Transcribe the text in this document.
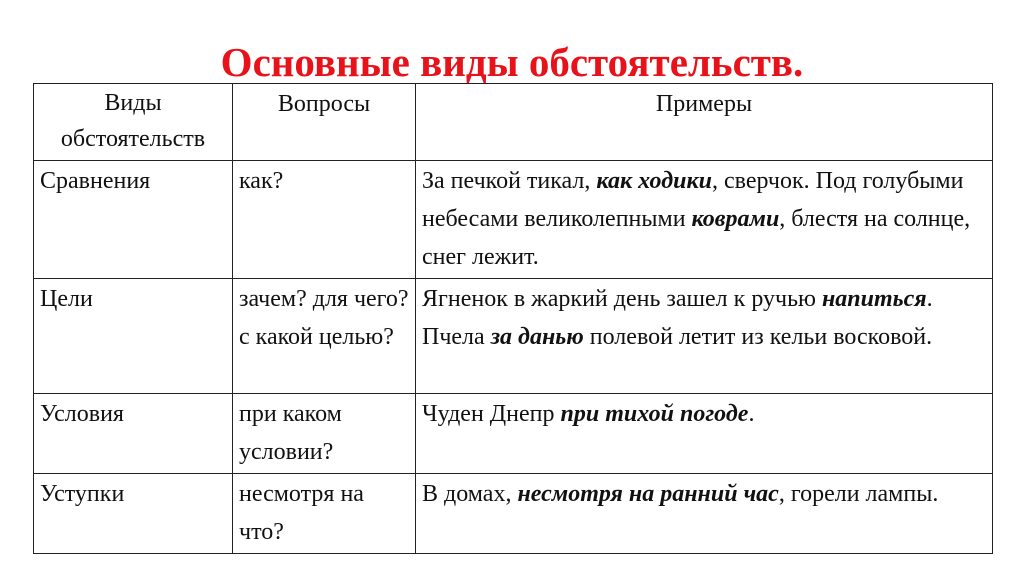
Основные виды обстоятельств.
Виды обстоятельств	Вопросы	Примеры
Сравнения	как?	За печкой тикал, как ходики, сверчок. Под голубыми небесами великолепными коврами, блестя на солнце, снег лежит.
Цели	зачем? для чего? с какой целью?	Ягненок в жаркий день зашел к ручью напиться. Пчела за данью полевой летит из кельи восковой.
Условия	при каком условии?	Чуден Днепр при тихой погоде.
Уступки	несмотря на что?	В домах, несмотря на ранний час, горели лампы.
